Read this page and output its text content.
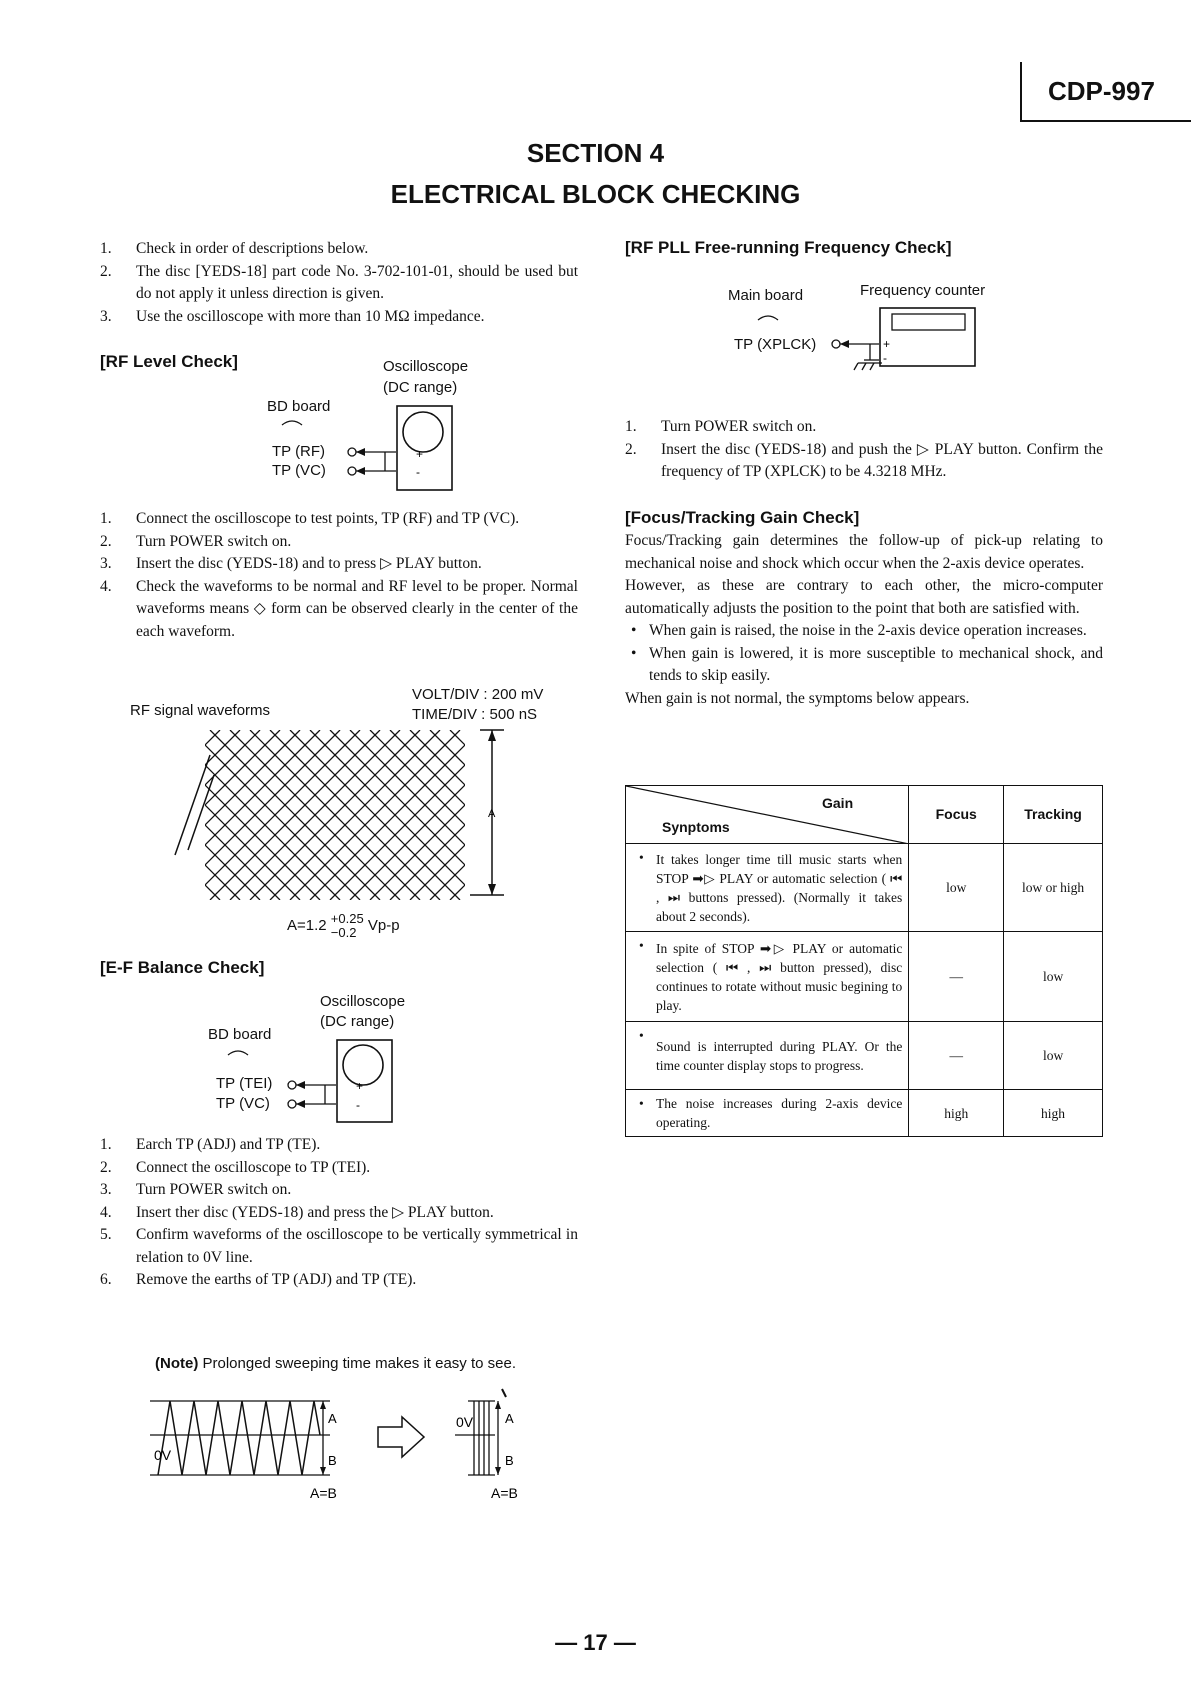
CDP-997
SECTION 4
ELECTRICAL BLOCK CHECKING
1. Check in order of descriptions below.
2. The disc [YEDS-18] part code No. 3-702-101-01, should be used but do not apply it unless direction is given.
3. Use the oscilloscope with more than 10 MΩ impedance.
[RF Level Check]	Oscilloscope
(DC range)
BD board
TP (RF)
TP (VC)
+
-
1. Connect the oscilloscope to test points, TP (RF) and TP (VC).
2. Turn POWER switch on.
3. Insert the disc (YEDS-18) and to press ▷ PLAY button.
4. Check the waveforms to be normal and RF level to be proper. Normal waveforms means ◇ form can be observed clearly in the center of the each waveform.
RF signal waveforms
VOLT/DIV : 200 mV
TIME/DIV : 500 nS
A
A=1.2 +0.25
−0.2 Vp-p
[E-F Balance Check]
Oscilloscope
(DC range)
BD board
TP (TEI)
TP (VC)
+
-
1. Earch TP (ADJ) and TP (TE).
2. Connect the oscilloscope to TP (TEI).
3. Turn POWER switch on.
4. Insert ther disc (YEDS-18) and press the ▷ PLAY button.
5. Confirm waveforms of the oscilloscope to be vertically symmetrical in relation to 0V line.
6. Remove the earths of TP (ADJ) and TP (TE).
(Note) Prolonged sweeping time makes it easy to see.
0V
A
B
A=B
0V A
B
A=B
[RF PLL Free-running Frequency Check]
Main board	Frequency counter
TP (XPLCK)	+
-
1. Turn POWER switch on.
2. Insert the disc (YEDS-18) and push the ▷ PLAY button. Confirm the frequency of TP (XPLCK) to be 4.3218 MHz.
[Focus/Tracking Gain Check]
Focus/Tracking gain determines the follow-up of pick-up relating to mechanical noise and shock which occur when the 2-axis device operates.
However, as these are contrary to each other, the micro-computer automatically adjusts the position to the point that both are satisfied with.
• When gain is raised, the noise in the 2-axis device operation increases.
• When gain is lowered, it is more susceptible to mechanical shock, and tends to skip easily.
When gain is not normal, the symptoms below appears.
Gain
Synptoms	Focus	Tracking
• It takes longer time till music starts when STOP ➡▷ PLAY or automatic selection ( ⏮ , ⏭ buttons pressed). (Normally it takes about 2 seconds).	low	low or high
• In spite of STOP ➡▷ PLAY or automatic selection ( ⏮ , ⏭ button pressed), disc continues to rotate without music begining to play.	—	low
• Sound is interrupted during PLAY. Or the time counter display stops to progress.	—	low
• The noise increases during 2-axis device operating.	high	high
— 17 —
